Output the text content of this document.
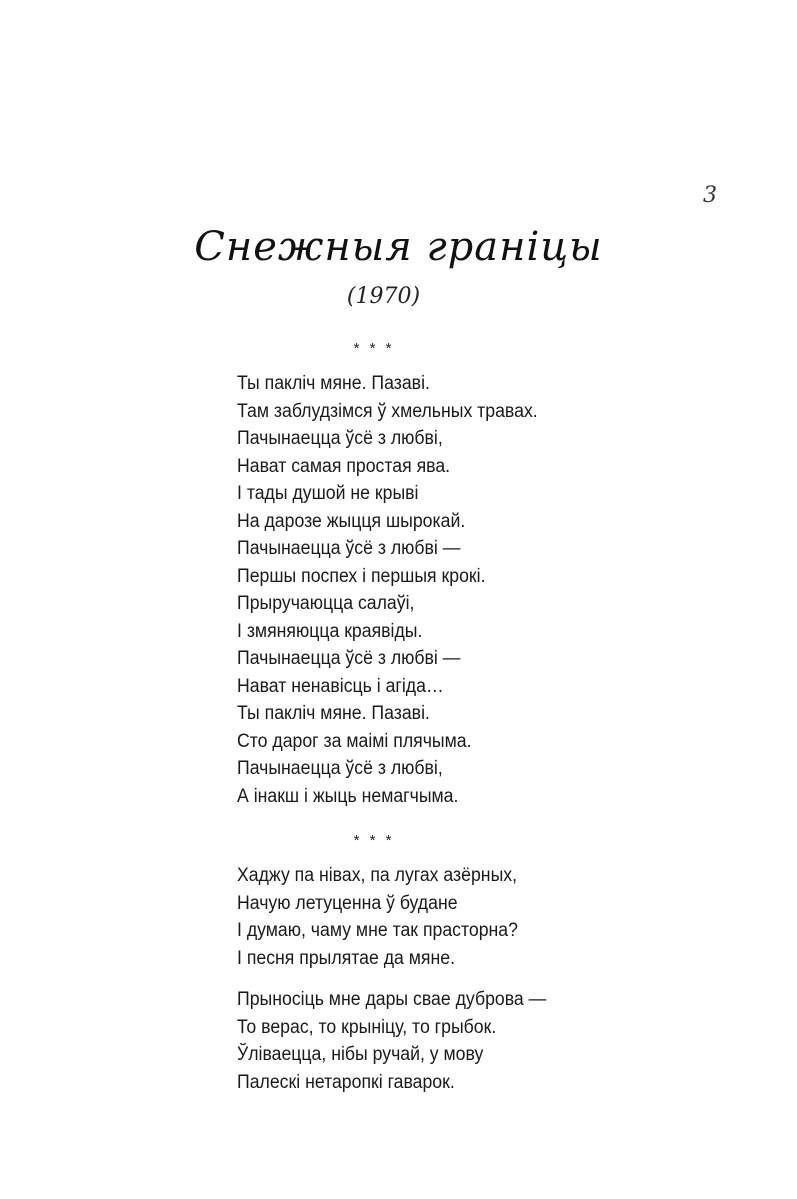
3
Снежныя граніцы
(1970)
* * *
Ты пакліч мяне. Пазаві.
Там заблудзімся ў хмельных травах.
Пачынаецца ўсё з любві,
Нават самая простая ява.
І тады душой не крыві
На дарозе жыцця шырокай.
Пачынаецца ўсё з любві —
Першы поспех і першыя крокі.
Прыручаюцца салаўі,
І змяняюцца краявіды.
Пачынаецца ўсё з любві —
Нават ненавісць і агіда…
Ты пакліч мяне. Пазаві.
Сто дарог за маімі плячыма.
Пачынаецца ўсё з любві,
А інакш і жыць немагчыма.
* * *
Хаджу па нівах, па лугах азёрных,
Начую летуценна ў будане
І думаю, чаму мне так прасторна?
І песня прылятае да мяне.
Прыносіць мне дары свае дуброва —
То верас, то крыніцу, то грыбок.
Ўліваецца, нібы ручай, у мову
Палескі нетаропкі гаварок.
